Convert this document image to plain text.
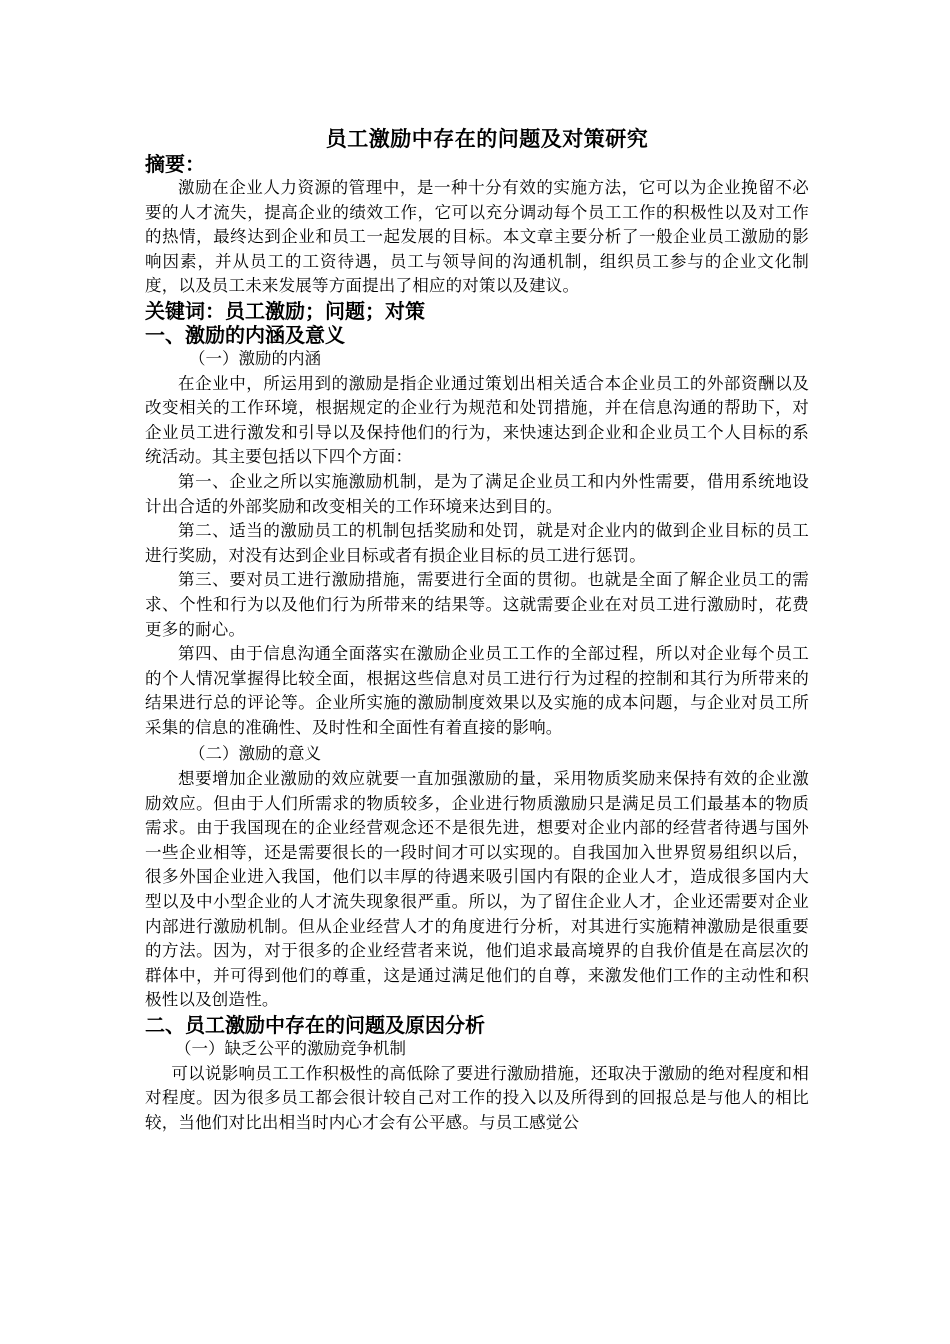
员工激励中存在的问题及对策研究

摘要：

激励在企业人力资源的管理中，是一种十分有效的实施方法，它可以为企业挽留不必要的人才流失，提高企业的绩效工作，它可以充分调动每个员工工作的积极性以及对工作的热情，最终达到企业和员工一起发展的目标。本文章主要分析了一般企业员工激励的影响因素，并从员工的工资待遇，员工与领导间的沟通机制，组织员工参与的企业文化制度，以及员工未来发展等方面提出了相应的对策以及建议。

关键词：员工激励；问题；对策

一、激励的内涵及意义

（一）激励的内涵

在企业中，所运用到的激励是指企业通过策划出相关适合本企业员工的外部资酬以及改变相关的工作环境，根据规定的企业行为规范和处罚措施，并在信息沟通的帮助下，对企业员工进行激发和引导以及保持他们的行为，来快速达到企业和企业员工个人目标的系统活动。其主要包括以下四个方面：

第一、企业之所以实施激励机制，是为了满足企业员工和内外性需要，借用系统地设计出合适的外部奖励和改变相关的工作环境来达到目的。

第二、适当的激励员工的机制包括奖励和处罚，就是对企业内的做到企业目标的员工进行奖励，对没有达到企业目标或者有损企业目标的员工进行惩罚。

第三、要对员工进行激励措施，需要进行全面的贯彻。也就是全面了解企业员工的需求、个性和行为以及他们行为所带来的结果等。这就需要企业在对员工进行激励时，花费更多的耐心。

第四、由于信息沟通全面落实在激励企业员工工作的全部过程，所以对企业每个员工的个人情况掌握得比较全面，根据这些信息对员工进行行为过程的控制和其行为所带来的结果进行总的评论等。企业所实施的激励制度效果以及实施的成本问题，与企业对员工所采集的信息的准确性、及时性和全面性有着直接的影响。

（二）激励的意义

想要增加企业激励的效应就要一直加强激励的量，采用物质奖励来保持有效的企业激励效应。但由于人们所需求的物质较多，企业进行物质激励只是满足员工们最基本的物质需求。由于我国现在的企业经营观念还不是很先进，想要对企业内部的经营者待遇与国外一些企业相等，还是需要很长的一段时间才可以实现的。自我国加入世界贸易组织以后，很多外国企业进入我国，他们以丰厚的待遇来吸引国内有限的企业人才，造成很多国内大型以及中小型企业的人才流失现象很严重。所以，为了留住企业人才，企业还需要对企业内部进行激励机制。但从企业经营人才的角度进行分析，对其进行实施精神激励是很重要的方法。因为，对于很多的企业经营者来说，他们追求最高境界的自我价值是在高层次的群体中，并可得到他们的尊重，这是通过满足他们的自尊，来激发他们工作的主动性和积极性以及创造性。

二、员工激励中存在的问题及原因分析

（一）缺乏公平的激励竞争机制

可以说影响员工工作积极性的高低除了要进行激励措施，还取决于激励的绝对程度和相对程度。因为很多员工都会很计较自己对工作的投入以及所得到的回报总是与他人的相比较，当他们对比出相当时内心才会有公平感。与员工感觉公
